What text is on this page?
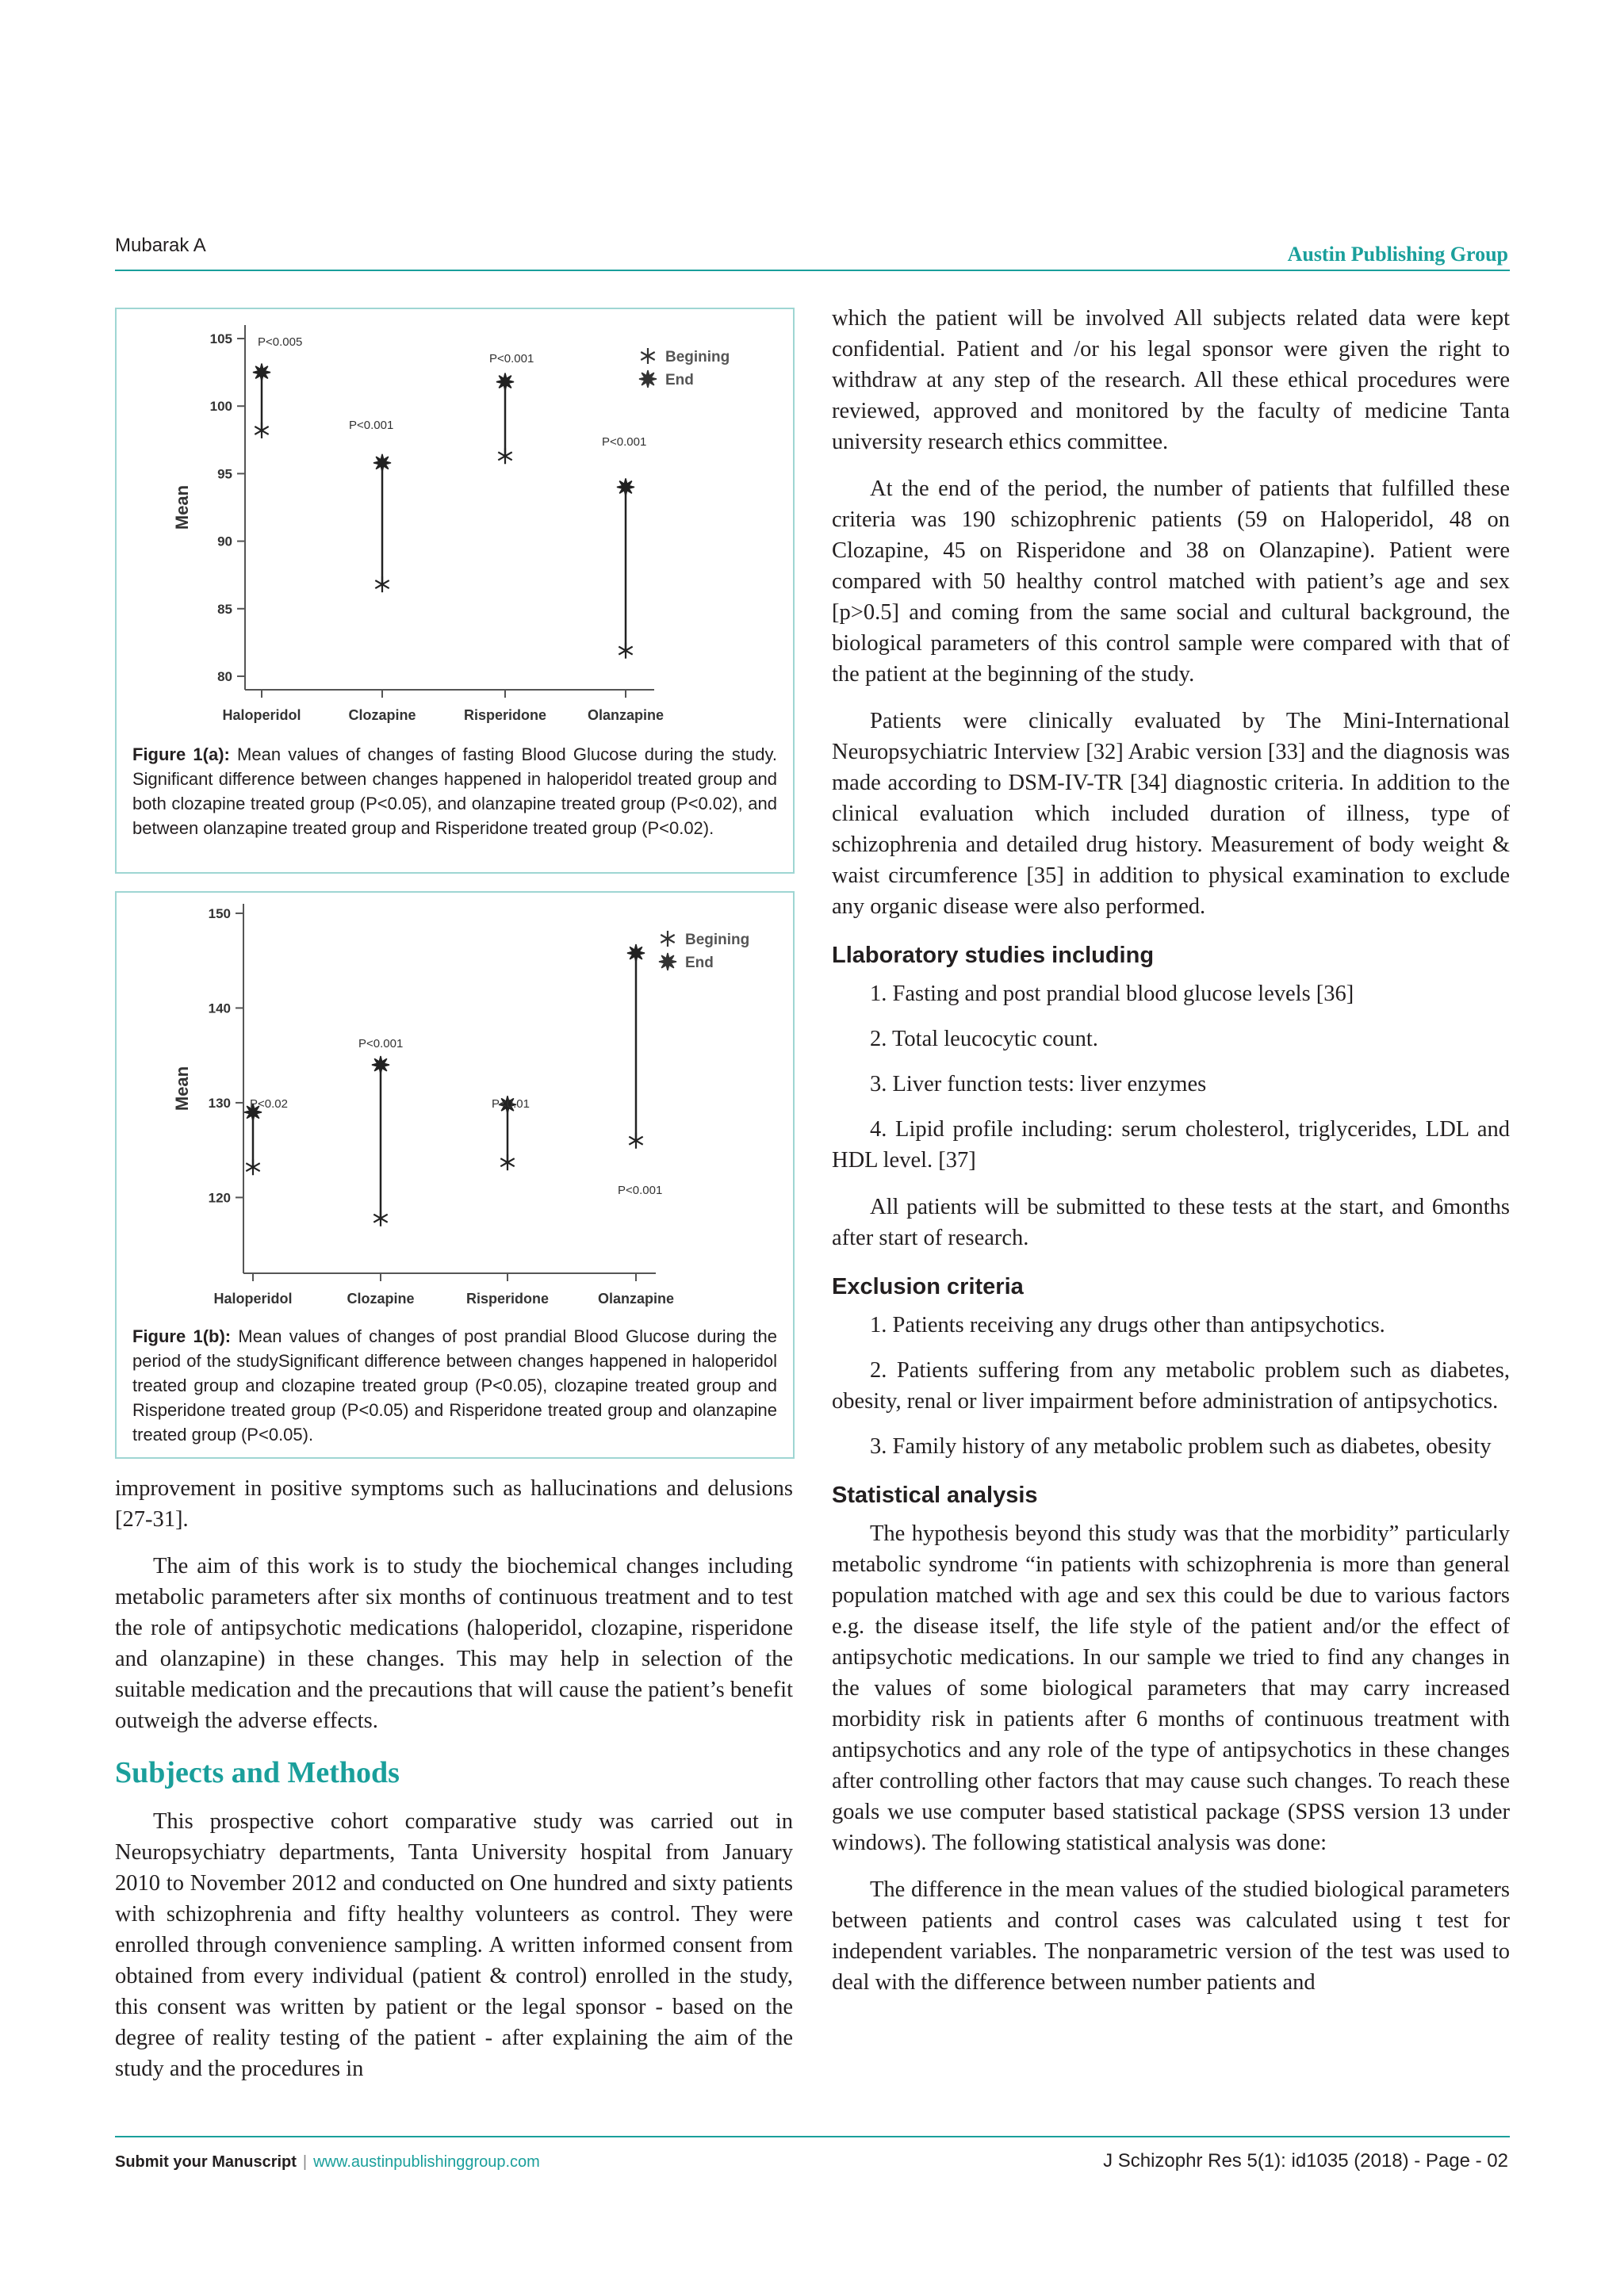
Mubarak A	Austin Publishing Group
80
85
90
95
100
105
Mean
Haloperidol
P<0.005
Clozapine
P<0.001
Risperidone
P<0.001
Olanzapine
P<0.001
Begining
End
Figure 1(a): Mean values of changes of fasting Blood Glucose during the study. Significant difference between changes happened in haloperidol treated group and both clozapine treated group (P<0.05), and olanzapine treated group (P<0.02), and between olanzapine treated group and Risperidone treated group (P<0.02).
120
130
140
150
Mean
Haloperidol
P<0.02
Clozapine
P<0.001
Risperidone
P<0.01
Olanzapine
P<0.001
Begining
End
Figure 1(b): Mean values of changes of post prandial Blood Glucose during the period of the studySignificant difference between changes happened in haloperidol treated group and clozapine treated group (P<0.05), clozapine treated group and Risperidone treated group (P<0.05) and Risperidone treated group and olanzapine treated group (P<0.05).

improvement in positive symptoms such as hallucinations and delusions [27-31].

The aim of this work is to study the biochemical changes including metabolic parameters after six months of continuous treatment and to test the role of antipsychotic medications (haloperidol, clozapine, risperidone and olanzapine) in these changes. This may help in selection of the suitable medication and the precautions that will cause the patient’s benefit outweigh the adverse effects.

Subjects and Methods

This prospective cohort comparative study was carried out in Neuropsychiatry departments, Tanta University hospital from January 2010 to November 2012 and conducted on One hundred and sixty patients with schizophrenia and fifty healthy volunteers as control. They were enrolled through convenience sampling. A written informed consent from obtained from every individual (patient & control) enrolled in the study, this consent was written by patient or the legal sponsor - based on the degree of reality testing of the patient - after explaining the aim of the study and the procedures in

which the patient will be involved All subjects related data were kept confidential. Patient and /or his legal sponsor were given the right to withdraw at any step of the research. All these ethical procedures were reviewed, approved and monitored by the faculty of medicine Tanta university research ethics committee.

At the end of the period, the number of patients that fulfilled these criteria was 190 schizophrenic patients (59 on Haloperidol, 48 on Clozapine, 45 on Risperidone and 38 on Olanzapine). Patient were compared with 50 healthy control matched with patient’s age and sex [p>0.5] and coming from the same social and cultural background, the biological parameters of this control sample were compared with that of the patient at the beginning of the study.

Patients were clinically evaluated by The Mini-International Neuropsychiatric Interview [32] Arabic version [33] and the diagnosis was made according to DSM-IV-TR [34] diagnostic criteria. In addition to the clinical evaluation which included duration of illness, type of schizophrenia and detailed drug history. Measurement of body weight & waist circumference [35] in addition to physical examination to exclude any organic disease were also performed.

Llaboratory studies including

1. Fasting and post prandial blood glucose levels [36]

2. Total leucocytic count.

3. Liver function tests: liver enzymes

4. Lipid profile including: serum cholesterol, triglycerides, LDL and HDL level. [37]

All patients will be submitted to these tests at the start, and 6months after start of research.

Exclusion criteria

1. Patients receiving any drugs other than antipsychotics.

2. Patients suffering from any metabolic problem such as diabetes, obesity, renal or liver impairment before administration of antipsychotics.

3. Family history of any metabolic problem such as diabetes, obesity

Statistical analysis

The hypothesis beyond this study was that the morbidity” particularly metabolic syndrome “in patients with schizophrenia is more than general population matched with age and sex this could be due to various factors e.g. the disease itself, the life style of the patient and/or the effect of antipsychotic medications. In our sample we tried to find any changes in the values of some biological parameters that may carry increased morbidity risk in patients after 6 months of continuous treatment with antipsychotics and any role of the type of antipsychotics in these changes after controlling other factors that may cause such changes. To reach these goals we use computer based statistical package (SPSS version 13 under windows). The following statistical analysis was done:

The difference in the mean values of the studied biological parameters between patients and control cases was calculated using t test for independent variables. The nonparametric version of the test was used to deal with the difference between number patients and

Submit your Manuscript | www.austinpublishinggroup.com	J Schizophr Res 5(1): id1035 (2018) - Page - 02
